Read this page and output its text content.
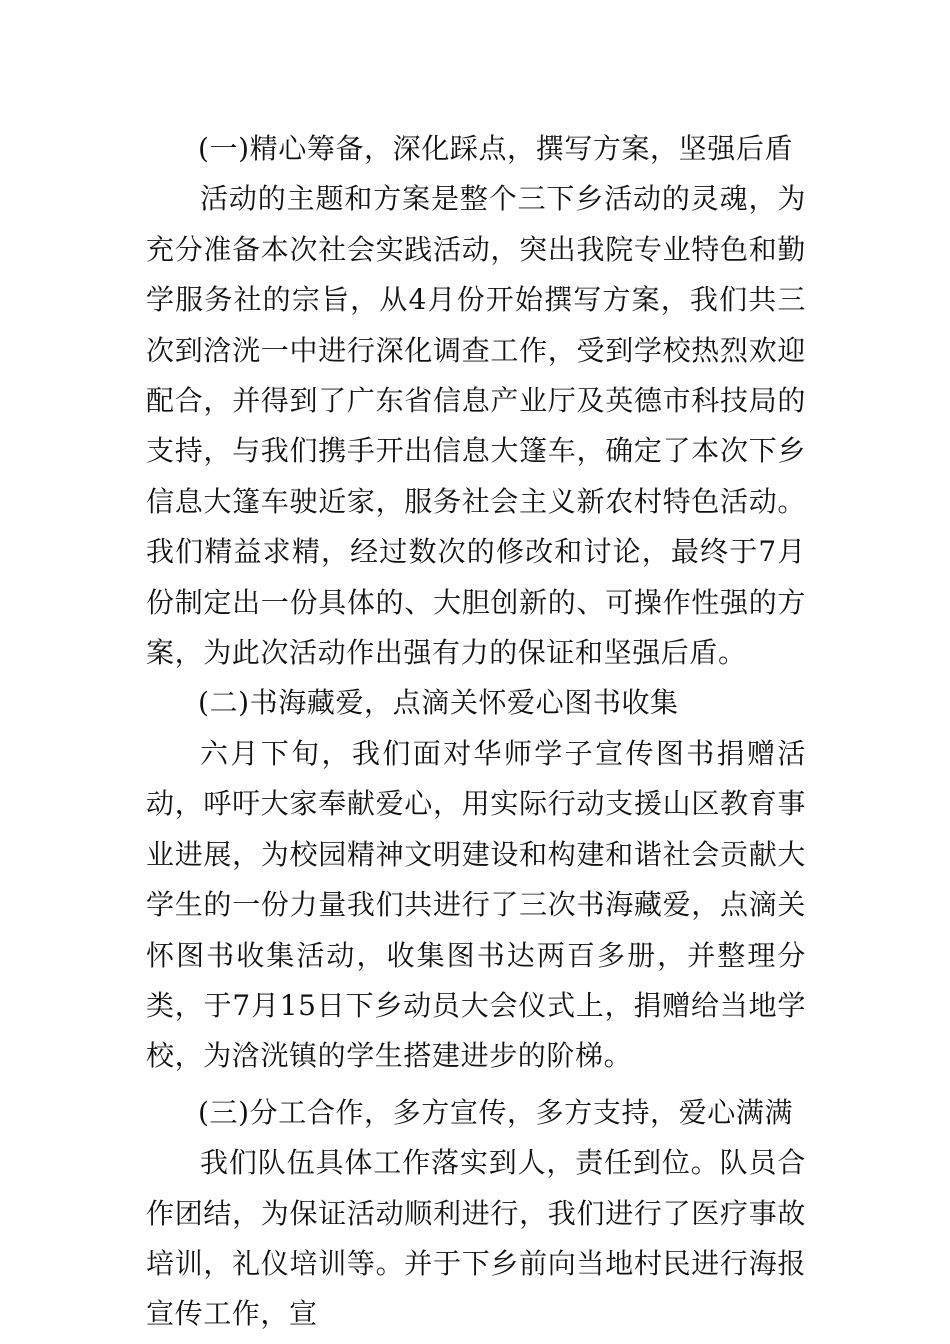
(一)精心筹备，深化踩点，撰写方案，坚强后盾

活动的主题和方案是整个三下乡活动的灵魂，为充分准备本次社会实践活动，突出我院专业特色和勤学服务社的宗旨，从4月份开始撰写方案，我们共三次到浛洸一中进行深化调查工作，受到学校热烈欢迎配合，并得到了广东省信息产业厅及英德市科技局的支持，与我们携手开出信息大篷车，确定了本次下乡信息大篷车驶近家，服务社会主义新农村特色活动。我们精益求精，经过数次的修改和讨论，最终于7月份制定出一份具体的、大胆创新的、可操作性强的方案，为此次活动作出强有力的保证和坚强后盾。

(二)书海藏爱，点滴关怀爱心图书收集

六月下旬，我们面对华师学子宣传图书捐赠活动，呼吁大家奉献爱心，用实际行动支援山区教育事业进展，为校园精神文明建设和构建和谐社会贡献大学生的一份力量我们共进行了三次书海藏爱，点滴关怀图书收集活动，收集图书达两百多册，并整理分类，于7月15日下乡动员大会仪式上，捐赠给当地学校，为浛洸镇的学生搭建进步的阶梯。

(三)分工合作，多方宣传，多方支持，爱心满满

我们队伍具体工作落实到人，责任到位。队员合作团结，为保证活动顺利进行，我们进行了医疗事故培训，礼仪培训等。并于下乡前向当地村民进行海报宣传工作，宣
